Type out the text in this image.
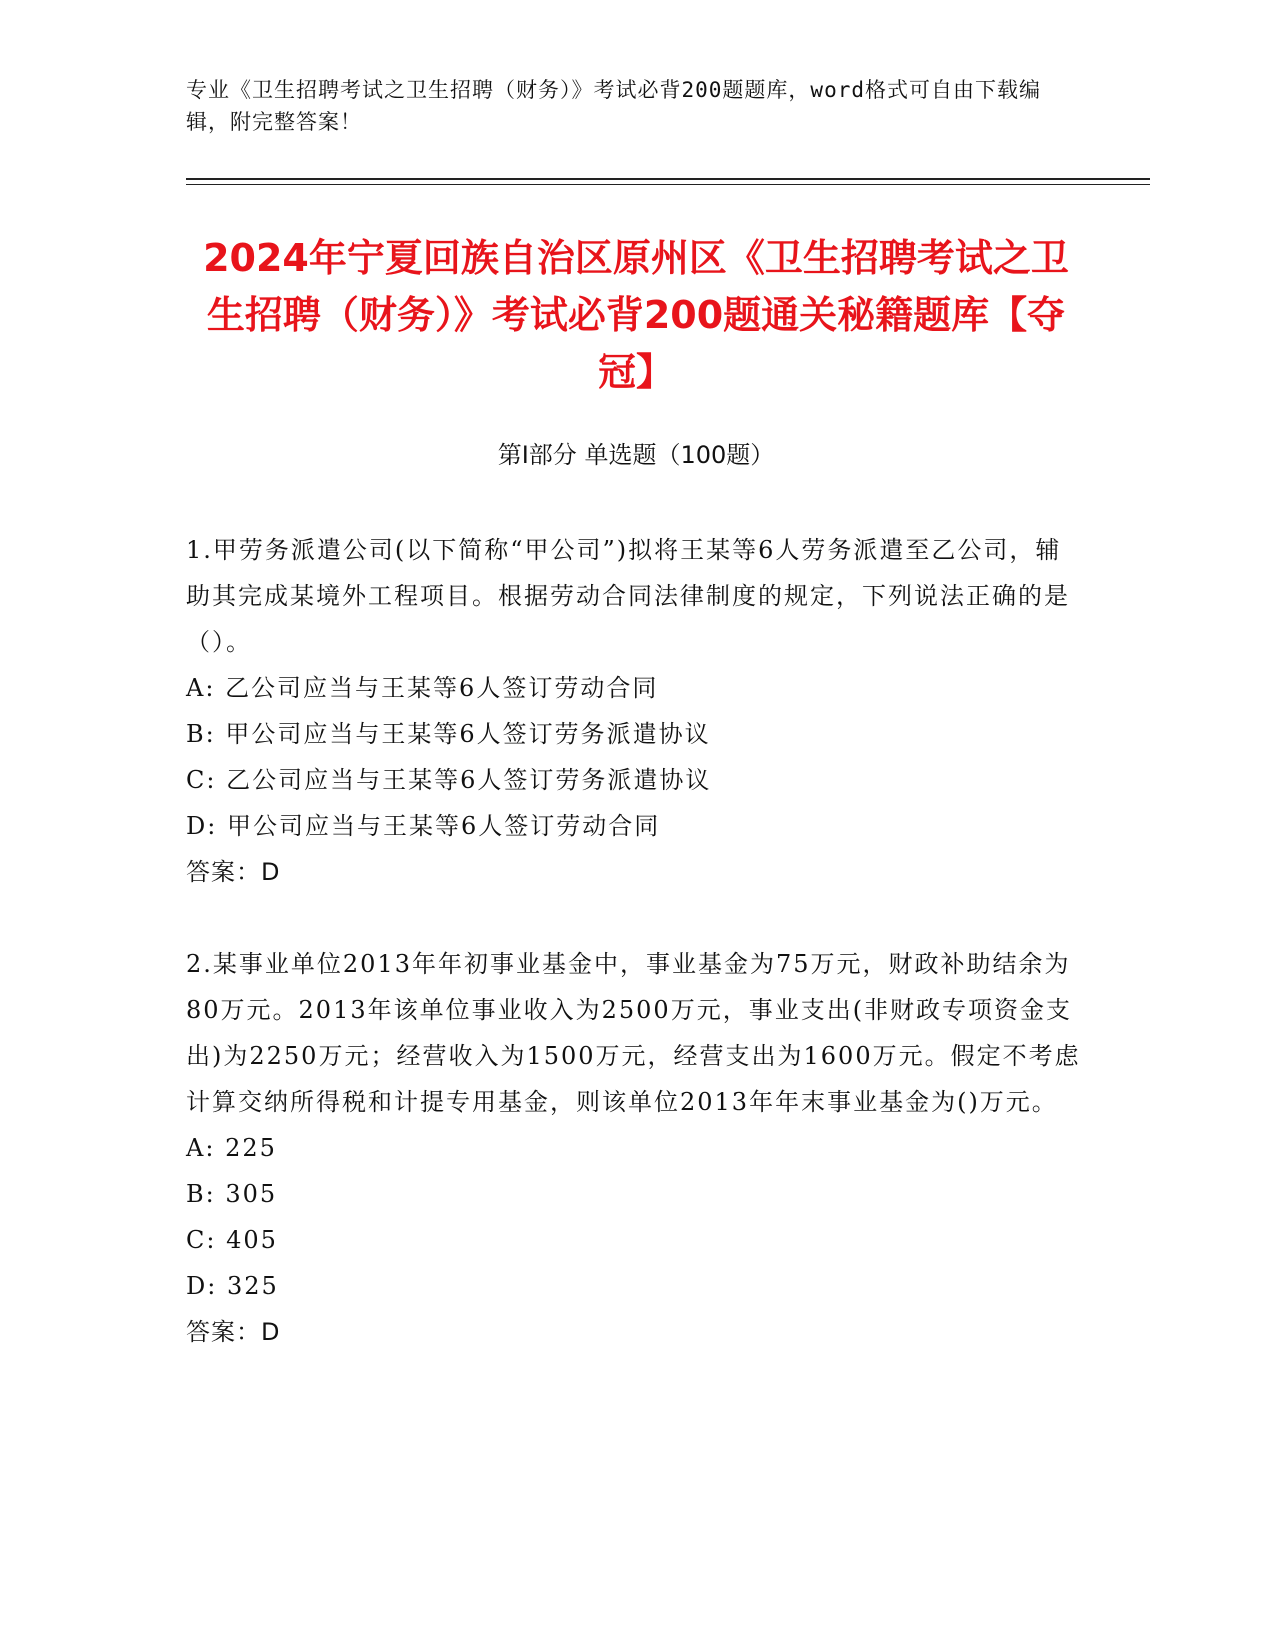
专业《卫生招聘考试之卫生招聘（财务）》考试必背200题题库，word格式可自由下载编辑，附完整答案！
2024年宁夏回族自治区原州区《卫生招聘考试之卫生招聘（财务）》考试必背200题通关秘籍题库【夺冠】
第Ⅰ部分 单选题（100题）

1.甲劳务派遣公司(以下简称“甲公司”)拟将王某等6人劳务派遣至乙公司，辅助其完成某境外工程项目。根据劳动合同法律制度的规定，下列说法正确的是（）。

A: 乙公司应当与王某等6人签订劳动合同

B: 甲公司应当与王某等6人签订劳务派遣协议

C: 乙公司应当与王某等6人签订劳务派遣协议

D: 甲公司应当与王某等6人签订劳动合同

答案：D

2.某事业单位2013年年初事业基金中，事业基金为75万元，财政补助结余为80万元。2013年该单位事业收入为2500万元，事业支出(非财政专项资金支出)为2250万元；经营收入为1500万元，经营支出为1600万元。假定不考虑计算交纳所得税和计提专用基金，则该单位2013年年末事业基金为()万元。

A: 225

B: 305

C: 405

D: 325

答案：D
